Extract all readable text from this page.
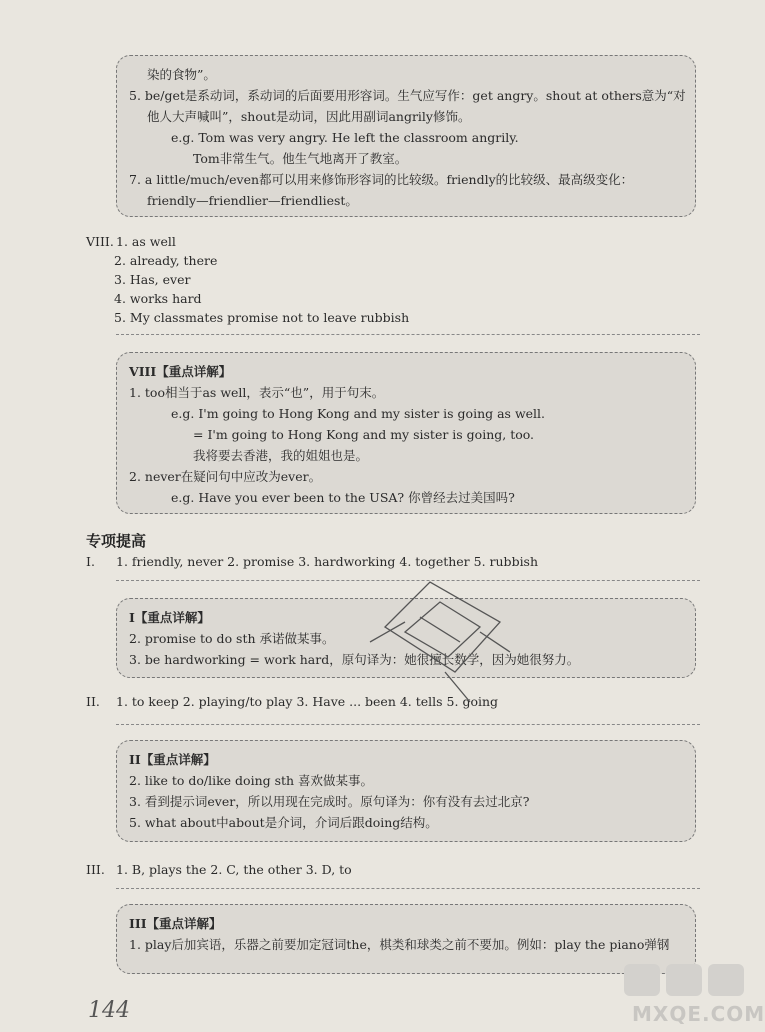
染的食物”。
5. be/get是系动词，系动词的后面要用形容词。生气应写作：get angry。shout at others意为“对
他人大声喊叫”，shout是动词，因此用副词angrily修饰。
e.g. Tom was very angry. He left the classroom angrily.
Tom非常生气。他生气地离开了教室。
7. a little/much/even都可以用来修饰形容词的比较级。friendly的比较级、最高级变化：
friendly—friendlier—friendliest。
VIII. 1. as well
2. already, there
3. Has, ever
4. works hard
5. My classmates promise not to leave rubbish
VIII【重点详解】
1. too相当于as well，表示“也”，用于句末。
e.g. I'm going to Hong Kong and my sister is going as well.
= I'm going to Hong Kong and my sister is going, too.
我将要去香港，我的姐姐也是。
2. never在疑问句中应改为ever。
e.g. Have you ever been to the USA? 你曾经去过美国吗?
专项提高
I. 1. friendly, never 2. promise 3. hardworking 4. together 5. rubbish
I【重点详解】
2. promise to do sth 承诺做某事。
3. be hardworking = work hard，原句译为：她很擅长数学，因为她很努力。
II. 1. to keep 2. playing/to play 3. Have ... been 4. tells 5. going
II【重点详解】
2. like to do/like doing sth 喜欢做某事。
3. 看到提示词ever，所以用现在完成时。原句译为：你有没有去过北京?
5. what about中about是介词，介词后跟doing结构。
III. 1. B, plays the 2. C, the other 3. D, to
III【重点详解】
1. play后加宾语，乐器之前要加定冠词the，棋类和球类之前不要加。例如：play the piano弹钢
144	MXQE.COM
